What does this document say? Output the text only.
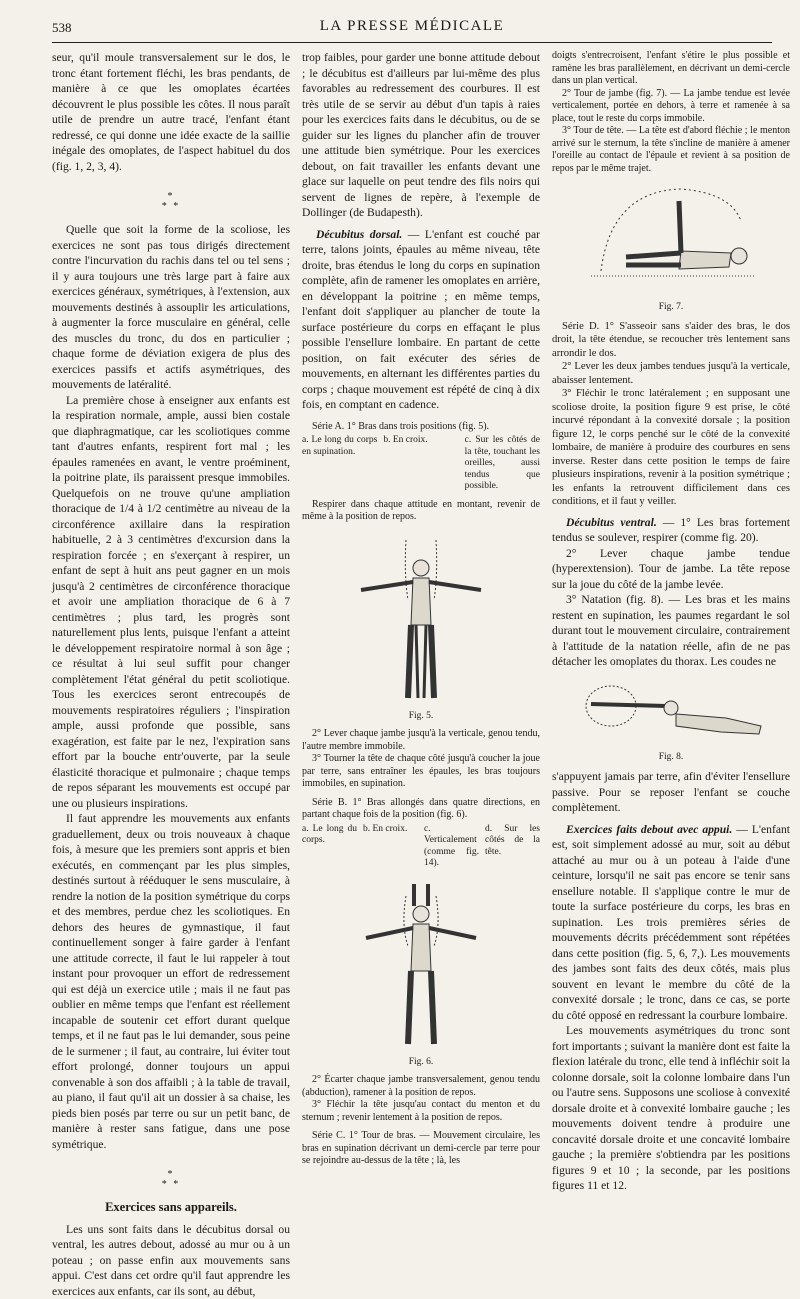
538	LA PRESSE MÉDICALE

seur, qu'il moule transversalement sur le dos, le tronc étant fortement fléchi, les bras pendants, de manière à ce que les omoplates écartées découvrent le plus possible les côtes. Il nous paraît utile de prendre un autre tracé, l'enfant étant redressé, ce qui donne une idée exacte de la saillie inégale des omoplates, de l'aspect habituel du dos (fig. 1, 2, 3, 4).

*
* *

Quelle que soit la forme de la scoliose, les exercices ne sont pas tous dirigés directement contre l'incurvation du rachis dans tel ou tel sens ; il y aura toujours une très large part à faire aux exercices généraux, symétriques, à l'extension, aux mouvements destinés à assouplir les articulations, à augmenter la force musculaire en général, celle des muscles du tronc, du dos en particulier ; chaque forme de déviation exigera de plus des exercices passifs et actifs asymétriques, des mouvements de latéralité.

La première chose à enseigner aux enfants est la respiration normale, ample, aussi bien costale que diaphragmatique, car les scoliotiques comme tant d'autres enfants, respirent fort mal ; les épaules ramenées en avant, le ventre proéminent, la poitrine plate, ils paraissent presque immobiles. Quelquefois on ne trouve qu'une ampliation thoracique de 1/4 à 1/2 centimètre au niveau de la circonférence axillaire dans la respiration habituelle, 2 à 3 centimètres d'excursion dans la respiration forcée ; en s'exerçant à respirer, un enfant de sept à huit ans peut gagner en un mois jusqu'à 2 centimètres de circonférence thoracique et avoir une ampliation thoracique de 6 à 7 centimètres ; plus tard, les progrès sont naturellement plus lents, puisque l'enfant a atteint le développement respiratoire normal à son âge ; ce résultat à lui seul suffit pour changer complètement l'état général du petit scoliotique. Tous les exercices seront entrecoupés de mouvements respiratoires réguliers ; l'inspiration ample, aussi profonde que possible, sans exagération, est faite par le nez, l'expiration sans effort par la bouche entr'ouverte, par la seule élasticité thoracique et pulmonaire ; chaque temps de repos séparant les mouvements est occupé par une ou plusieurs inspirations.

Il faut apprendre les mouvements aux enfants graduellement, deux ou trois nouveaux à chaque fois, à mesure que les premiers sont appris et bien exécutés, en commençant par les plus simples, destinés surtout à rééduquer le sens musculaire, à rendre la notion de la position symétrique du corps et des membres, perdue chez les scoliotiques. En dehors des heures de gymnastique, il faut continuellement songer à faire garder à l'enfant une attitude correcte, il faut le lui rappeler à tout instant pour provoquer un effort de redressement qui est déjà un exercice utile ; mais il ne faut pas oublier en même temps que l'enfant est réellement incapable de soutenir cet effort durant quelque temps, et il ne faut pas le lui demander, sous peine de le surmener ; il faut, au contraire, lui éviter tout effort prolongé, donner toujours un appui convenable à son dos affaibli ; à la table de travail, au piano, il faut qu'il ait un dossier à sa chaise, les pieds bien posés par terre ou sur un petit banc, de manière à rester sans fatigue, dans une pose symétrique.

*
* *
Exercices sans appareils.

Les uns sont faits dans le décubitus dorsal ou ventral, les autres debout, adossé au mur ou à un poteau ; on passe enfin aux mouvements sans appui. C'est dans cet ordre qu'il faut apprendre les exercices aux enfants, car ils sont, au début,

trop faibles, pour garder une bonne attitude debout ; le décubitus est d'ailleurs par lui-même des plus favorables au redressement des courbures. Il est très utile de se servir au début d'un tapis à raies pour les exercices faits dans le décubitus, ou de se guider sur les lignes du plancher afin de trouver une attitude bien symétrique. Pour les exercices debout, on fait travailler les enfants devant une glace sur laquelle on peut tendre des fils noirs qui servent de lignes de repère, à l'exemple de Dollinger (de Budapesth).

Décubitus dorsal. — L'enfant est couché par terre, talons joints, épaules au même niveau, tête droite, bras étendus le long du corps en supination complète, afin de ramener les omoplates en arrière, en développant la poitrine ; en même temps, l'enfant doit s'appliquer au plancher de toute la surface postérieure du corps en effaçant le plus possible l'ensellure lombaire. En partant de cette position, on fait exécuter des séries de mouvements, en alternant les différentes parties du corps ; chaque mouvement est répété de cinq à dix fois, en comptant en cadence.

Série A. 1° Bras dans trois positions (fig. 5).

a. Le long du corps en supination.
b. En croix.	c. Sur les côtés de la tête, touchant les oreilles, aussi tendus que possible.

Respirer dans chaque attitude en montant, revenir de même à la position de repos.

Fig. 5.

2° Lever chaque jambe jusqu'à la verticale, genou tendu, l'autre membre immobile.

3° Tourner la tête de chaque côté jusqu'à coucher la joue par terre, sans entraîner les épaules, les bras toujours immobiles, en supination.

Série B. 1° Bras allongés dans quatre directions, en partant chaque fois de la position (fig. 6).

a. Le long du corps.
b. En croix.	c. Verticalement (comme fig. 14).
d. Sur les côtés de la tête.
Fig. 6.

2° Écarter chaque jambe transversalement, genou tendu (abduction), ramener à la position de repos.

3° Fléchir la tête jusqu'au contact du menton et du sternum ; revenir lentement à la position de repos.

Série C. 1° Tour de bras. — Mouvement circulaire, les bras en supination décrivant un demi-cercle par terre pour se rejoindre au-dessus de la tête ; là, les

doigts s'entrecroisent, l'enfant s'étire le plus possible et ramène les bras parallèlement, en décrivant un demi-cercle dans un plan vertical.

2° Tour de jambe (fig. 7). — La jambe tendue est levée verticalement, portée en dehors, à terre et ramenée à sa place, tout le reste du corps immobile.

3° Tour de tête. — La tête est d'abord fléchie ; le menton arrivé sur le sternum, la tête s'incline de manière à amener l'oreille au contact de l'épaule et revient à sa position de repos par le même trajet.

Fig. 7.

Série D. 1° S'asseoir sans s'aider des bras, le dos droit, la tête étendue, se recoucher très lentement sans arrondir le dos.

2° Lever les deux jambes tendues jusqu'à la verticale, abaisser lentement.

3° Fléchir le tronc latéralement ; en supposant une scoliose droite, la position figure 9 est prise, le côté incurvé répondant à la convexité dorsale ; la position figure 12, le corps penché sur le côté de la convexité lombaire, de manière à produire des courbures en sens inverse. Rester dans cette position le temps de faire plusieurs inspirations, revenir à la position symétrique ; les enfants la retrouvent difficilement dans ces conditions, et il faut y veiller.

Décubitus ventral. — 1° Les bras fortement tendus se soulever, respirer (comme fig. 20).

2° Lever chaque jambe tendue (hyperextension). Tour de jambe. La tête repose sur la joue du côté de la jambe levée.

3° Natation (fig. 8). — Les bras et les mains restent en supination, les paumes regardant le sol durant tout le mouvement circulaire, contrairement à l'attitude de la natation réelle, afin de ne pas détacher les omoplates du thorax. Les coudes ne

Fig. 8.

s'appuyent jamais par terre, afin d'éviter l'ensellure passive. Pour se reposer l'enfant se couche complètement.

Exercices faits debout avec appui. — L'enfant est, soit simplement adossé au mur, soit au début attaché au mur ou à un poteau à l'aide d'une ceinture, lorsqu'il ne sait pas encore se tenir sans ensellure notable. Il s'applique contre le mur de toute la surface postérieure du corps, les bras en supination. Les trois premières séries de mouvements décrits précédemment sont répétées dans cette position (fig. 5, 6, 7,). Les mouvements des jambes sont faits des deux côtés, mais plus souvent en levant le membre du côté de la convexité dorsale ; le tronc, dans ce cas, se porte du côté opposé en redressant la courbure lombaire.

Les mouvements asymétriques du tronc sont fort importants ; suivant la manière dont est faite la flexion latérale du tronc, elle tend à infléchir soit la colonne dorsale, soit la colonne lombaire dans l'un ou l'autre sens. Supposons une scoliose à convexité dorsale droite et à convexité lombaire gauche ; les mouvements doivent tendre à produire une concavité dorsale droite et une concavité lombaire gauche ; la première s'obtiendra par les positions figures 9 et 10 ; la seconde, par les positions figures 11 et 12.
